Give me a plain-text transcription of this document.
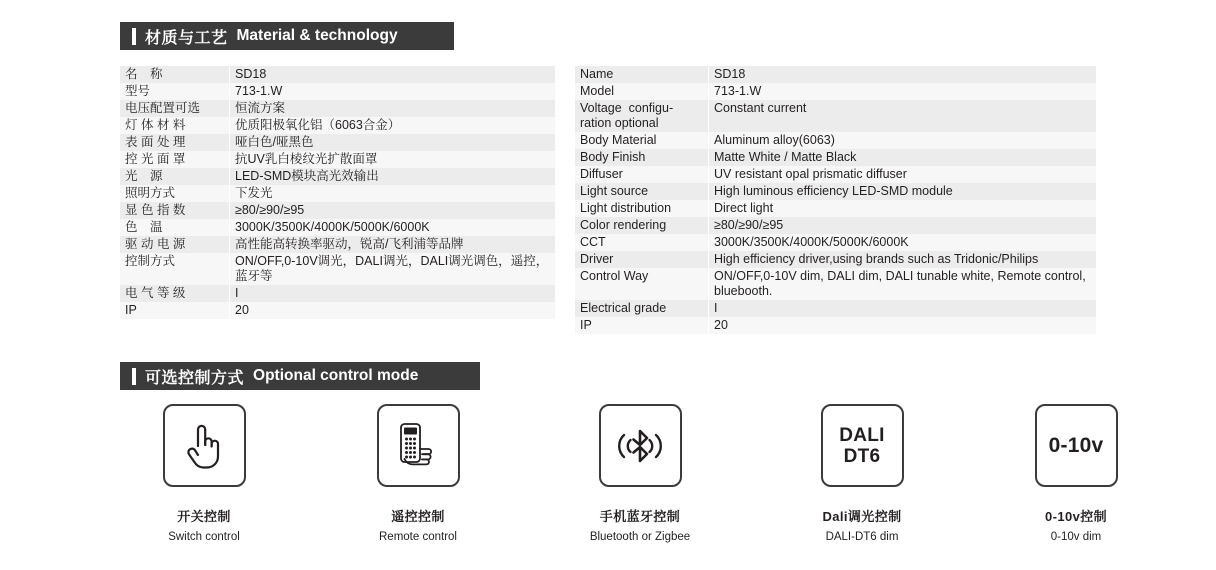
材质与工艺 Material & technology
名　称	SD18
型号	713-1.W
电压配置可选	恒流方案
灯 体 材 料	优质阳极氧化铝（6063合金）
表 面 处 理	哑白色/哑黑色
控 光 面 罩	抗UV乳白棱纹光扩散面罩
光　源	LED-SMD模块高光效输出
照明方式	下发光
显 色 指 数	≥80/≥90/≥95
色　温	3000K/3500K/4000K/5000K/6000K
驱 动 电 源	高性能高转换率驱动，锐高/飞利浦等品牌
控制方式	ON/OFF,0-10V调光，DALI调光，DALI调光调色，遥控，蓝牙等
电 气 等 级	I
IP	20
Name	SD18
Model	713-1.W
Voltage  configu-
ration optional	Constant current
Body Material	Aluminum alloy(6063)
Body Finish	Matte White / Matte Black
Diffuser	UV resistant opal prismatic diffuser
Light source	High luminous efficiency LED-SMD module
Light distribution	Direct light
Color rendering	≥80/≥90/≥95
CCT	3000K/3500K/4000K/5000K/6000K
Driver	High efficiency driver,using brands such as Tridonic/Philips
Control Way	ON/OFF,0-10V dim, DALI dim, DALI tunable white, Remote control, bluebooth.
Electrical grade	I
IP	20
可选控制方式 Optional control mode
开关控制
Switch control
遥控控制
Remote control
手机蓝牙控制
Bluetooth or Zigbee
DALI
DT6
Dali调光控制
DALI-DT6 dim
0-10v
0-10v控制
0-10v dim
